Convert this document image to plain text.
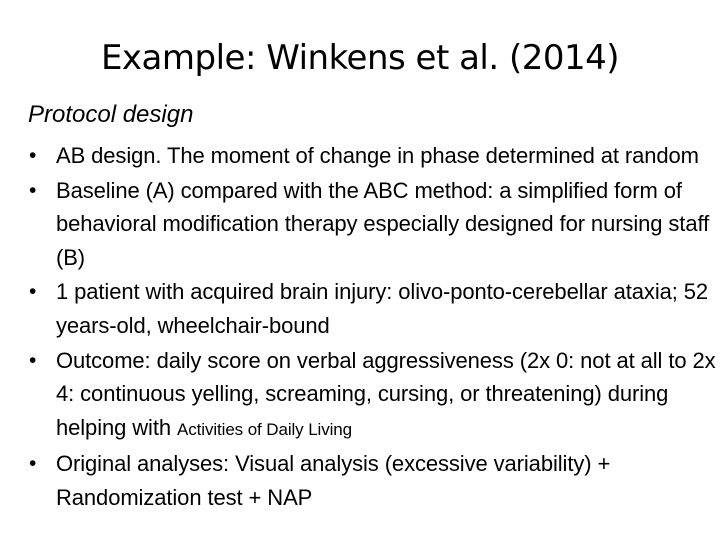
Example: Winkens et al. (2014)
Protocol design
• AB design. The moment of change in phase determined at random
• Baseline (A) compared with the ABC method: a simplified form of behavioral modification therapy especially designed for nursing staff (B)
• 1 patient with acquired brain injury: olivo-ponto-cerebellar ataxia; 52 years-old, wheelchair-bound
• Outcome: daily score on verbal aggressiveness (2x 0: not at all to 2x 4: continuous yelling, screaming, cursing, or threatening) during helping with Activities of Daily Living
• Original analyses: Visual analysis (excessive variability) + Randomization test + NAP
